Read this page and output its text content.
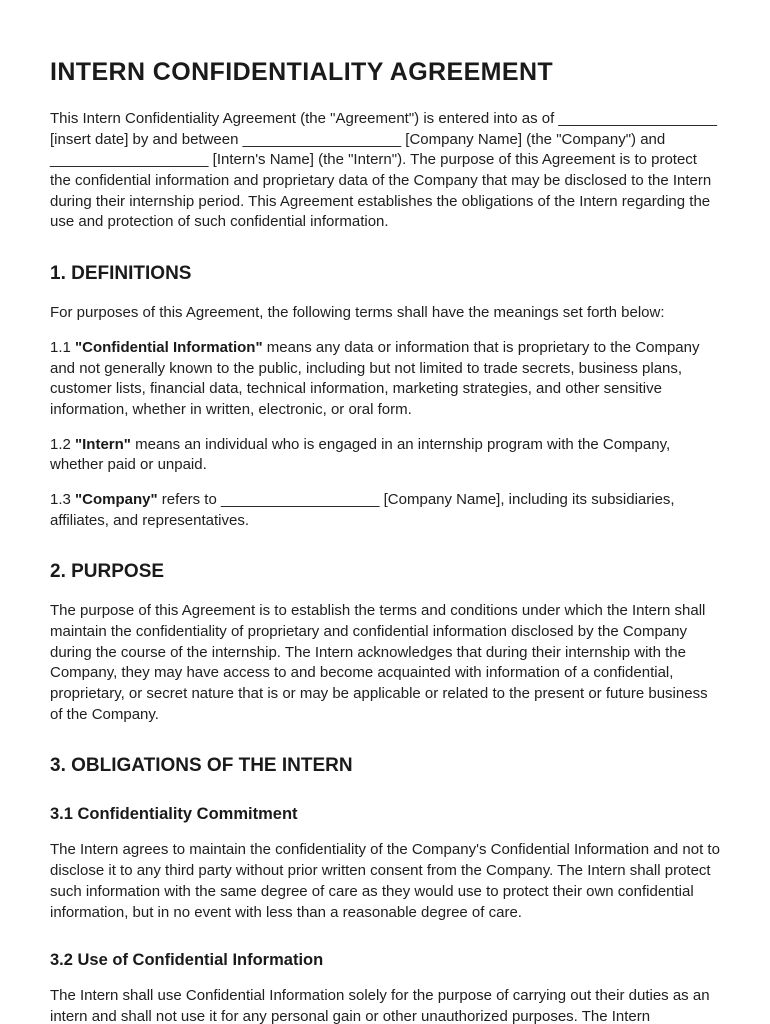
INTERN CONFIDENTIALITY AGREEMENT

This Intern Confidentiality Agreement (the "Agreement") is entered into as of ___________________ [insert date] by and between ___________________ [Company Name] (the "Company") and ___________________ [Intern's Name] (the "Intern"). The purpose of this Agreement is to protect the confidential information and proprietary data of the Company that may be disclosed to the Intern during their internship period. This Agreement establishes the obligations of the Intern regarding the use and protection of such confidential information.

1. DEFINITIONS

For purposes of this Agreement, the following terms shall have the meanings set forth below:

1.1 "Confidential Information" means any data or information that is proprietary to the Company and not generally known to the public, including but not limited to trade secrets, business plans, customer lists, financial data, technical information, marketing strategies, and other sensitive information, whether in written, electronic, or oral form.

1.2 "Intern" means an individual who is engaged in an internship program with the Company, whether paid or unpaid.

1.3 "Company" refers to ___________________ [Company Name], including its subsidiaries, affiliates, and representatives.

2. PURPOSE

The purpose of this Agreement is to establish the terms and conditions under which the Intern shall maintain the confidentiality of proprietary and confidential information disclosed by the Company during the course of the internship. The Intern acknowledges that during their internship with the Company, they may have access to and become acquainted with information of a confidential, proprietary, or secret nature that is or may be applicable or related to the present or future business of the Company.

3. OBLIGATIONS OF THE INTERN
3.1 Confidentiality Commitment

The Intern agrees to maintain the confidentiality of the Company's Confidential Information and not to disclose it to any third party without prior written consent from the Company. The Intern shall protect such information with the same degree of care as they would use to protect their own confidential information, but in no event with less than a reasonable degree of care.

3.2 Use of Confidential Information

The Intern shall use Confidential Information solely for the purpose of carrying out their duties as an intern and shall not use it for any personal gain or other unauthorized purposes. The Intern
